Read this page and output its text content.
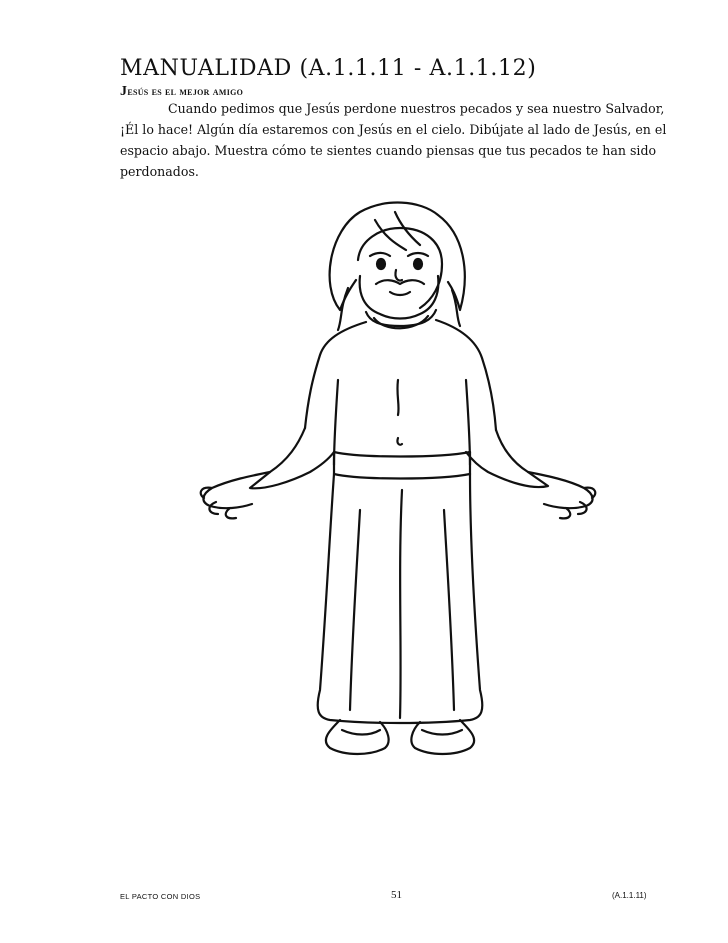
MANUALIDAD (A.1.1.11 - A.1.1.12)
Jesús es el mejor amigo
Cuando pedimos que Jesús perdone nuestros pecados y sea nuestro Salvador, ¡Él lo hace! Algún día estaremos con Jesús en el cielo. Dibújate al lado de Jesús, en el espacio abajo. Muestra cómo te sientes cuando piensas que tus pecados te han sido perdonados.
EL PACTO CON DIOS	51	(A.1.1.11)
